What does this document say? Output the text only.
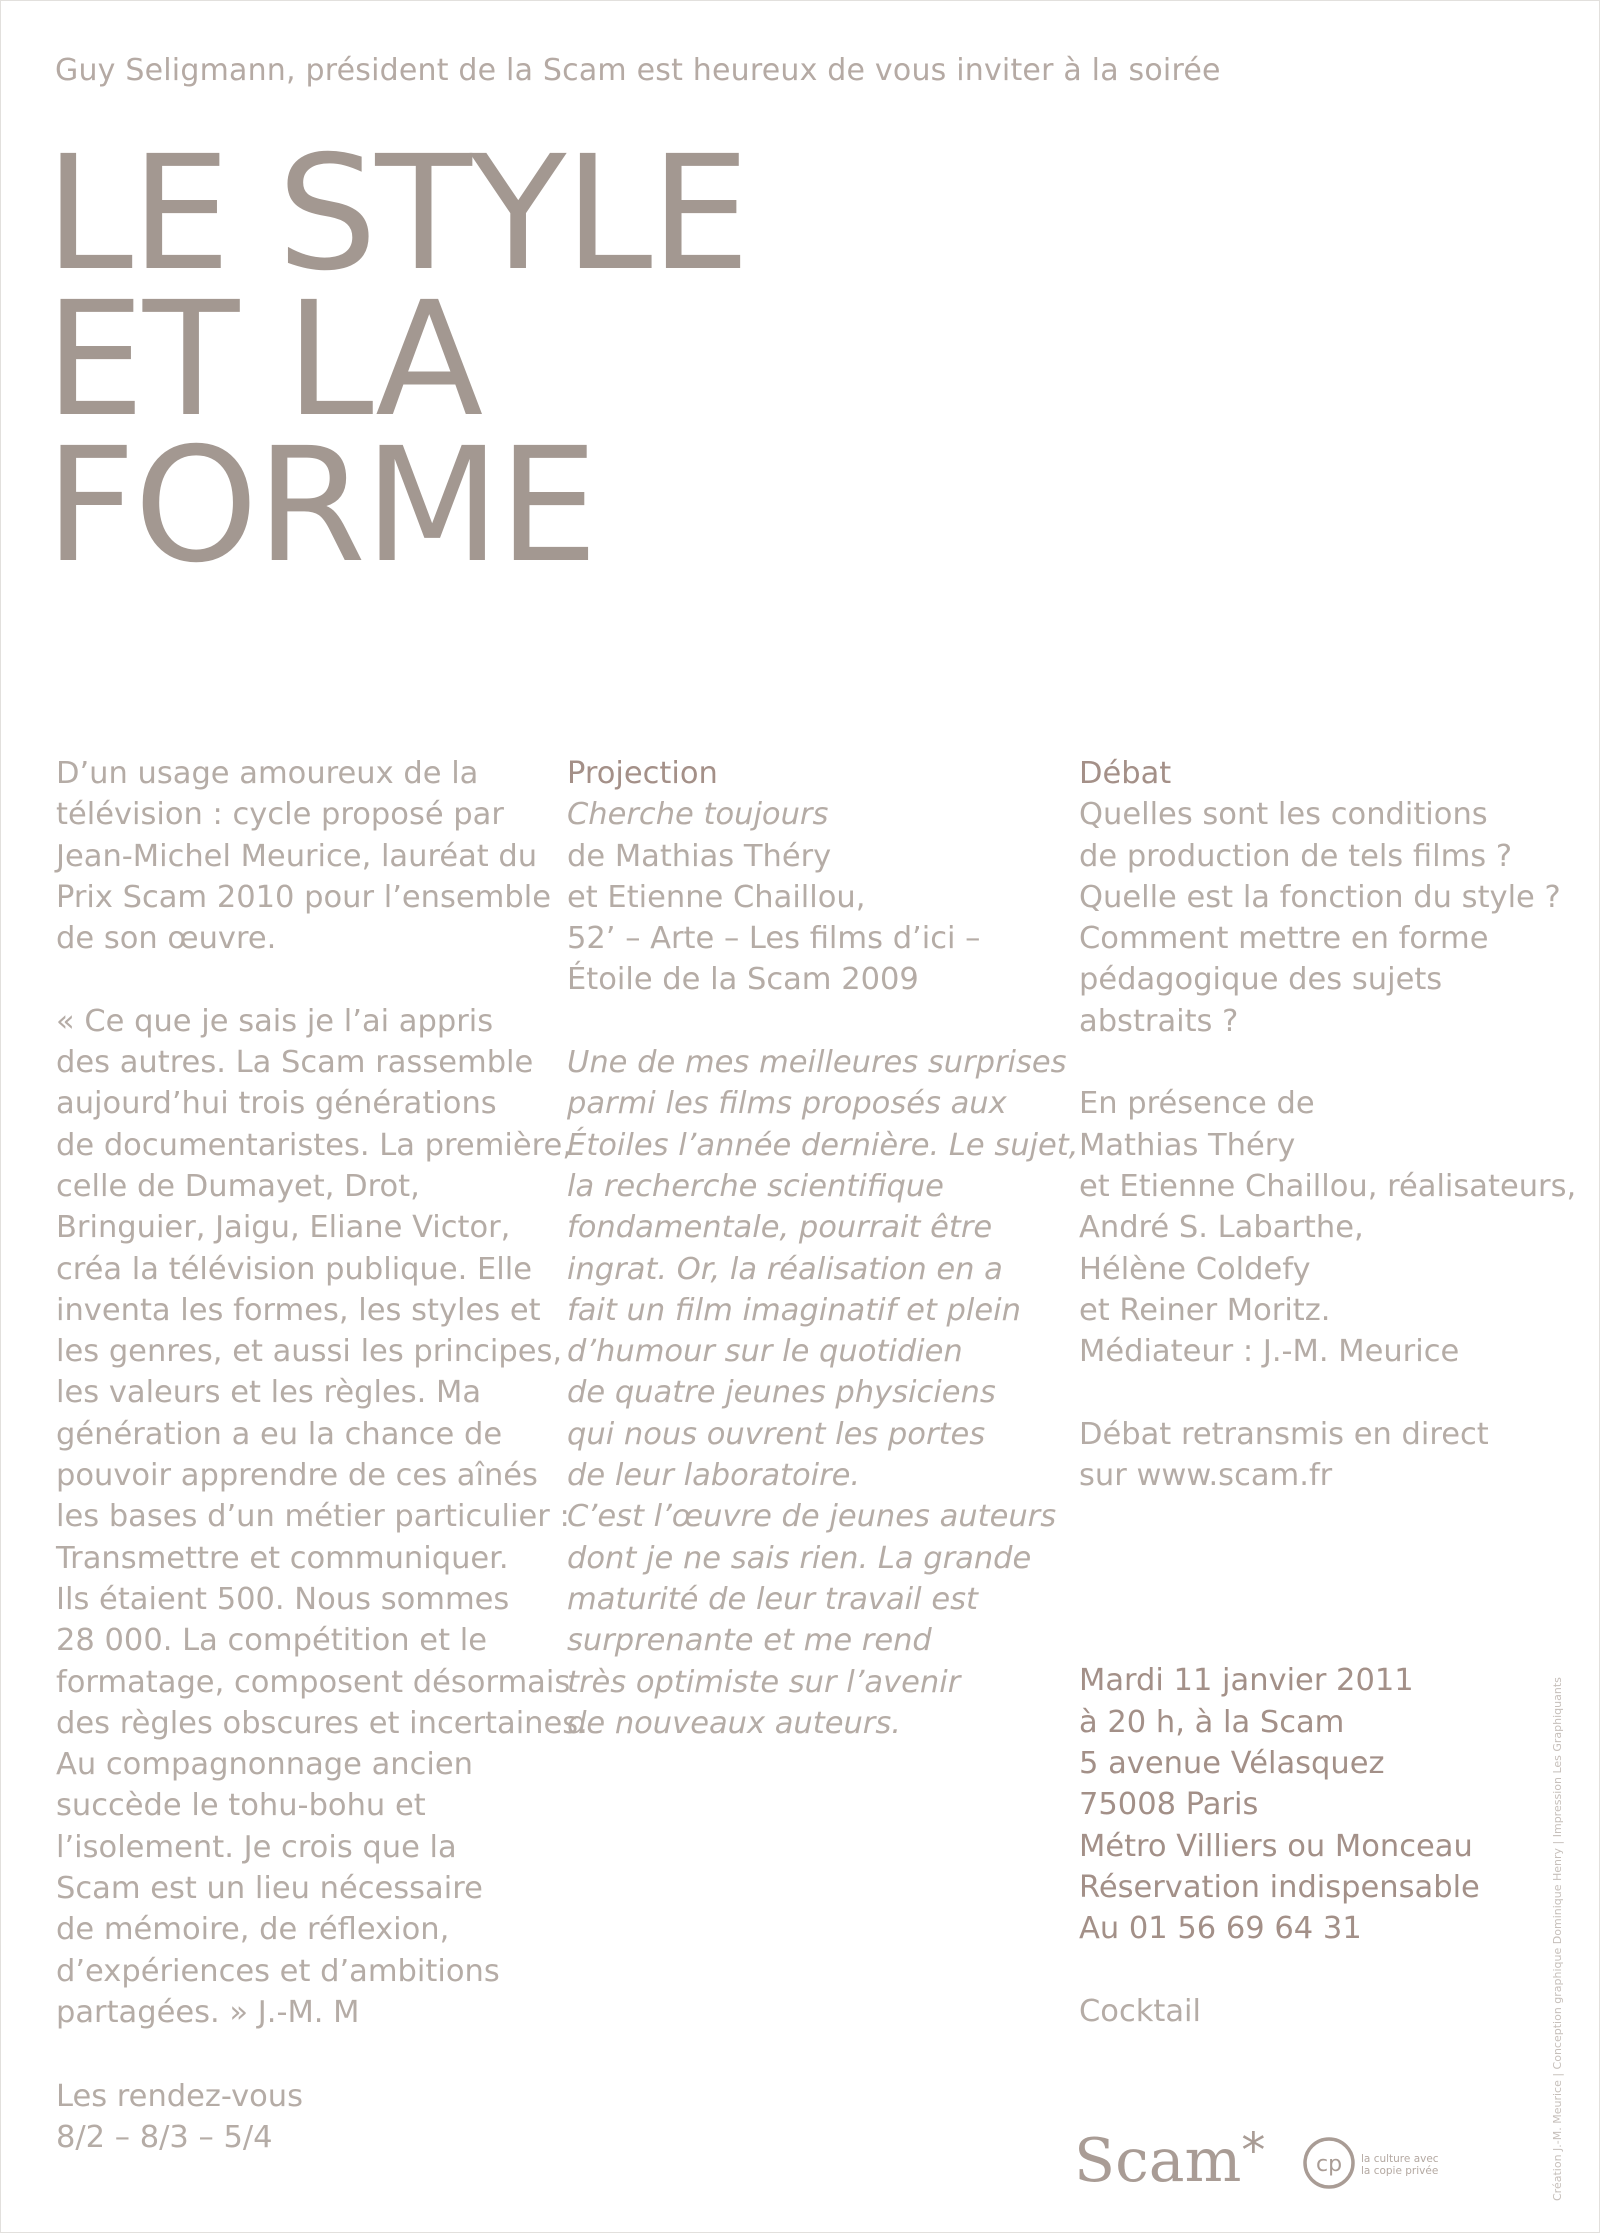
Guy Seligmann, président de la Scam est heureux de vous inviter à la soirée
LE STYLE
ET LA
FORME

D’un usage amoureux de la
télévision : cycle proposé par
Jean-Michel Meurice, lauréat du
Prix Scam 2010 pour l’ensemble
de son œuvre.

« Ce que je sais je l’ai appris
des autres. La Scam rassemble
aujourd’hui trois générations
de documentaristes. La première,
celle de Dumayet, Drot,
Bringuier, Jaigu, Eliane Victor,
créa la télévision publique. Elle
inventa les formes, les styles et
les genres, et aussi les principes,
les valeurs et les règles. Ma
génération a eu la chance de
pouvoir apprendre de ces aînés
les bases d’un métier particulier :
Transmettre et communiquer.
Ils étaient 500. Nous sommes
28 000. La compétition et le
formatage, composent désormais
des règles obscures et incertaines.
Au compagnonnage ancien
succède le tohu-bohu et
l’isolement. Je crois que la
Scam est un lieu nécessaire
de mémoire, de réflexion,
d’expériences et d’ambitions
partagées. » J.-M. M

Les rendez-vous
8/2 – 8/3 – 5/4

Projection
Cherche toujours
de Mathias Théry
et Etienne Chaillou,
52’ – Arte – Les films d’ici –
Étoile de la Scam 2009

Une de mes meilleures surprises
parmi les films proposés aux
Étoiles l’année dernière. Le sujet,
la recherche scientifique
fondamentale, pourrait être
ingrat. Or, la réalisation en a
fait un film imaginatif et plein
d’humour sur le quotidien
de quatre jeunes physiciens
qui nous ouvrent les portes
de leur laboratoire.
C’est l’œuvre de jeunes auteurs
dont je ne sais rien. La grande
maturité de leur travail est
surprenante et me rend
très optimiste sur l’avenir
de nouveaux auteurs.

Débat
Quelles sont les conditions
de production de tels films ?
Quelle est la fonction du style ?
Comment mettre en forme
pédagogique des sujets
abstraits ?

En présence de
Mathias Théry
et Etienne Chaillou, réalisateurs,
André S. Labarthe,
Hélène Coldefy
et Reiner Moritz.
Médiateur : J.-M. Meurice

Débat retransmis en direct
sur www.scam.fr

Mardi 11 janvier 2011
à 20 h, à la Scam
5 avenue Vélasquez
75008 Paris
Métro Villiers ou Monceau
Réservation indispensable
Au 01 56 69 64 31

Cocktail
Scam* cp la culture avec
la copie privée	Création J.-M. Meurice | Conception graphique Dominique Henry | Impression Les Graphiquants
